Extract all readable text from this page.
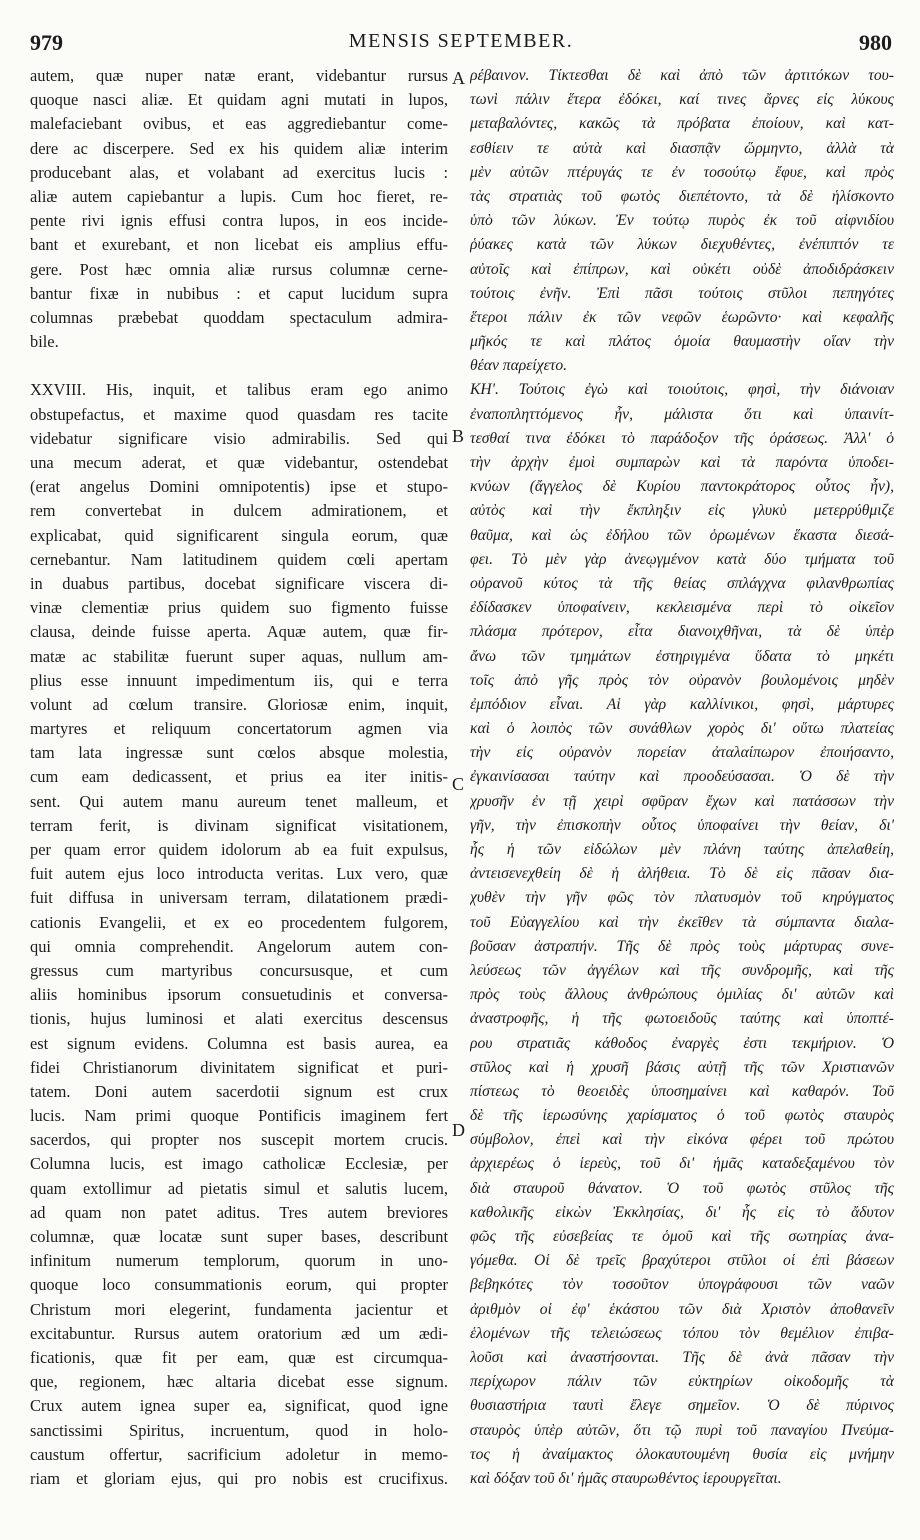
MENSIS SEPTEMBER.
979	980
autem, quæ nuper natæ erant, videbantur rursus
quoque nasci aliæ. Et quidam agni mutati in lupos,
malefaciebant ovibus, et eas aggrediebantur come-
dere ac discerpere. Sed ex his quidem aliæ interim
producebant alas, et volabant ad exercitus lucis :
aliæ autem capiebantur a lupis. Cum hoc fieret, re-
pente rivi ignis effusi contra lupos, in eos incide-
bant et exurebant, et non licebat eis amplius effu-
gere. Post hæc omnia aliæ rursus columnæ cerne-
bantur fixæ in nubibus : et caput lucidum supra
columnas præbebat quoddam spectaculum admira-
bile.
XXVIII. His, inquit, et talibus eram ego animo
obstupefactus, et maxime quod quasdam res tacite
videbatur significare visio admirabilis. Sed qui
una mecum aderat, et quæ videbantur, ostendebat
(erat angelus Domini omnipotentis) ipse et stupo-
rem convertebat in dulcem admirationem, et
explicabat, quid significarent singula eorum, quæ
cernebantur. Nam latitudinem quidem cœli apertam
in duabus partibus, docebat significare viscera di-
vinæ clementiæ prius quidem suo figmento fuisse
clausa, deinde fuisse aperta. Aquæ autem, quæ fir-
matæ ac stabilitæ fuerunt super aquas, nullum am-
plius esse innuunt impedimentum iis, qui e terra
volunt ad cœlum transire. Gloriosæ enim, inquit,
martyres et reliquum concertatorum agmen via
tam lata ingressæ sunt cœlos absque molestia,
cum eam dedicassent, et prius ea iter initis-
sent. Qui autem manu aureum tenet malleum, et
terram ferit, is divinam significat visitationem,
per quam error quidem idolorum ab ea fuit expulsus,
fuit autem ejus loco introducta veritas. Lux vero, quæ
fuit diffusa in universam terram, dilatationem prædi-
cationis Evangelii, et ex eo procedentem fulgorem,
qui omnia comprehendit. Angelorum autem con-
gressus cum martyribus concursusque, et cum
aliis hominibus ipsorum consuetudinis et conversa-
tionis, hujus luminosi et alati exercitus descensus
est signum evidens. Columna est basis aurea, ea
fidei Christianorum divinitatem significat et puri-
tatem. Doni autem sacerdotii signum est crux
lucis. Nam primi quoque Pontificis imaginem fert
sacerdos, qui propter nos suscepit mortem crucis.
Columna lucis, est imago catholicæ Ecclesiæ, per
quam extollimur ad pietatis simul et salutis lucem,
ad quam non patet aditus. Tres autem breviores
columnæ, quæ locatæ sunt super bases, describunt
infinitum numerum templorum, quorum in uno-
quoque loco consummationis eorum, qui propter
Christum mori elegerint, fundamenta jacientur et
excitabuntur. Rursus autem oratorium æd um ædi-
ficationis, quæ fit per eam, quæ est circumqua-
que, regionem, hæc altaria dicebat esse signum.
Crux autem ignea super ea, significat, quod igne
sanctissimi Spiritus, incruentum, quod in holo-
caustum offertur, sacrificium adoletur in memo-
riam et gloriam ejus, qui pro nobis est crucifixus.
ρέβαινον. Τίκτεσθαι δὲ καὶ ἀπὸ τῶν ἀρτιτόκων του-
τωνὶ πάλιν ἕτερα ἐδόκει, καί τινες ἄρνες εἰς λύκους
μεταβαλόντες, κακῶς τὰ πρόβατα ἐποίουν, καὶ κατ-
εσθίειν τε αὐτὰ καὶ διασπᾷν ὥρμηντο, ἀλλὰ τὰ
μὲν αὐτῶν πτέρυγάς τε ἐν τοσούτῳ ἔφυε, καὶ πρὸς
τὰς στρατιὰς τοῦ φωτὸς διεπέτοντο, τὰ δὲ ἡλίσκοντο
ὑπὸ τῶν λύκων. Ἐν τούτῳ πυρὸς ἐκ τοῦ αἰφνιδίου
ῥύακες κατὰ τῶν λύκων διεχυθέντες, ἐνέπιπτόν τε
αὐτοῖς καὶ ἐπίπρων, καὶ οὐκέτι οὐδὲ ἀποδιδράσκειν
τούτοις ἐνῆν. Ἐπὶ πᾶσι τούτοις στῦλοι πεπηγότες
ἕτεροι πάλιν ἐκ τῶν νεφῶν ἑωρῶντο· καὶ κεφαλῆς
μῆκός τε καὶ πλάτος ὁμοία θαυμαστὴν οἵαν τὴν
θέαν παρείχετο.
ΚΗ'. Τούτοις ἐγὼ καὶ τοιούτοις, φησὶ, τὴν διάνοιαν
ἐναποπληττόμενος ἦν, μάλιστα ὅτι καὶ ὑπαινίτ-
τεσθαί τινα ἐδόκει τὸ παράδοξον τῆς ὁράσεως. Ἀλλ' ὁ
τὴν ἀρχὴν ἐμοὶ συμπαρὼν καὶ τὰ παρόντα ὑποδει-
κνύων (ἄγγελος δὲ Κυρίου παντοκράτορος οὗτος ἦν),
αὐτὸς καὶ τὴν ἔκπληξιν εἰς γλυκὺ μετερρύθμιζε
θαῦμα, καὶ ὡς ἐδήλου τῶν ὁρωμένων ἕκαστα διεσά-
φει. Τὸ μὲν γὰρ ἀνεῳγμένον κατὰ δύο τμήματα τοῦ
οὐρανοῦ κύτος τὰ τῆς θείας σπλάγχνα φιλανθρωπίας
ἐδίδασκεν ὑποφαίνειν, κεκλεισμένα περὶ τὸ οἰκεῖον
πλάσμα πρότερον, εἶτα διανοιχθῆναι, τὰ δὲ ὑπὲρ
ἄνω τῶν τμημάτων ἐστηριγμένα ὕδατα τὸ μηκέτι
τοῖς ἀπὸ γῆς πρὸς τὸν οὐρανὸν βουλομένοις μηδὲν
ἐμπόδιον εἶναι. Αἱ γὰρ καλλίνικοι, φησὶ, μάρτυρες
καὶ ὁ λοιπὸς τῶν συνάθλων χορὸς δι' οὕτω πλατείας
τὴν εἰς οὐρανὸν πορείαν ἀταλαίπωρον ἐποιήσαντο,
ἐγκαινίσασαι ταύτην καὶ προοδεύσασαι. Ὁ δὲ τὴν
χρυσῆν ἐν τῇ χειρὶ σφῦραν ἔχων καὶ πατάσσων τὴν
γῆν, τὴν ἐπισκοπὴν οὗτος ὑποφαίνει τὴν θείαν, δι'
ἧς ἡ τῶν εἰδώλων μὲν πλάνη ταύτης ἀπελαθείη,
ἀντεισενεχθείη δὲ ἡ ἀλήθεια. Τὸ δὲ εἰς πᾶσαν δια-
χυθὲν τὴν γῆν φῶς τὸν πλατυσμὸν τοῦ κηρύγματος
τοῦ Εὐαγγελίου καὶ τὴν ἐκεῖθεν τὰ σύμπαντα διαλα-
βοῦσαν ἀστραπήν. Τῆς δὲ πρὸς τοὺς μάρτυρας συνε-
λεύσεως τῶν ἀγγέλων καὶ τῆς συνδρομῆς, καὶ τῆς
πρὸς τοὺς ἄλλους ἀνθρώπους ὁμιλίας δι' αὐτῶν καὶ
ἀναστροφῆς, ἡ τῆς φωτοειδοῦς ταύτης καὶ ὑποπτέ-
ρου στρατιᾶς κάθοδος ἐναργὲς ἐστι τεκμήριον. Ὁ
στῦλος καὶ ἡ χρυσῆ βάσις αὐτῇ τῆς τῶν Χριστιανῶν
πίστεως τὸ θεοειδὲς ὑποσημαίνει καὶ καθαρόν. Τοῦ
δὲ τῆς ἱερωσύνης χαρίσματος ὁ τοῦ φωτὸς σταυρὸς
σύμβολον, ἐπεὶ καὶ τὴν εἰκόνα φέρει τοῦ πρώτου
ἀρχιερέως ὁ ἱερεὺς, τοῦ δι' ἡμᾶς καταδεξαμένου τὸν
διὰ σταυροῦ θάνατον. Ὁ τοῦ φωτὸς στῦλος τῆς
καθολικῆς εἰκὼν Ἐκκλησίας, δι' ἧς εἰς τὸ ἄδυτον
φῶς τῆς εὐσεβείας τε ὁμοῦ καὶ τῆς σωτηρίας ἀνα-
γόμεθα. Οἱ δὲ τρεῖς βραχύτεροι στῦλοι οἱ ἐπὶ βάσεων
βεβηκότες τὸν τοσοῦτον ὑπογράφουσι τῶν ναῶν
ἀριθμὸν οἱ ἐφ' ἑκάστου τῶν διὰ Χριστὸν ἀποθανεῖν
ἑλομένων τῆς τελειώσεως τόπου τὸν θεμέλιον ἐπιβα-
λοῦσι καὶ ἀναστήσονται. Τῆς δὲ ἀνὰ πᾶσαν τὴν
περίχωρον πάλιν τῶν εὐκτηρίων οἰκοδομῆς τὰ
θυσιαστήρια ταυτὶ ἔλεγε σημεῖον. Ὁ δὲ πύρινος
σταυρὸς ὑπὲρ αὐτῶν, ὅτι τῷ πυρὶ τοῦ παναγίου Πνεύμα-
τος ἡ ἀναίμακτος ὁλοκαυτουμένη θυσία εἰς μνήμην
καὶ δόξαν τοῦ δι' ἡμᾶς σταυρωθέντος ἱερουργεῖται.
A
B
C
D
